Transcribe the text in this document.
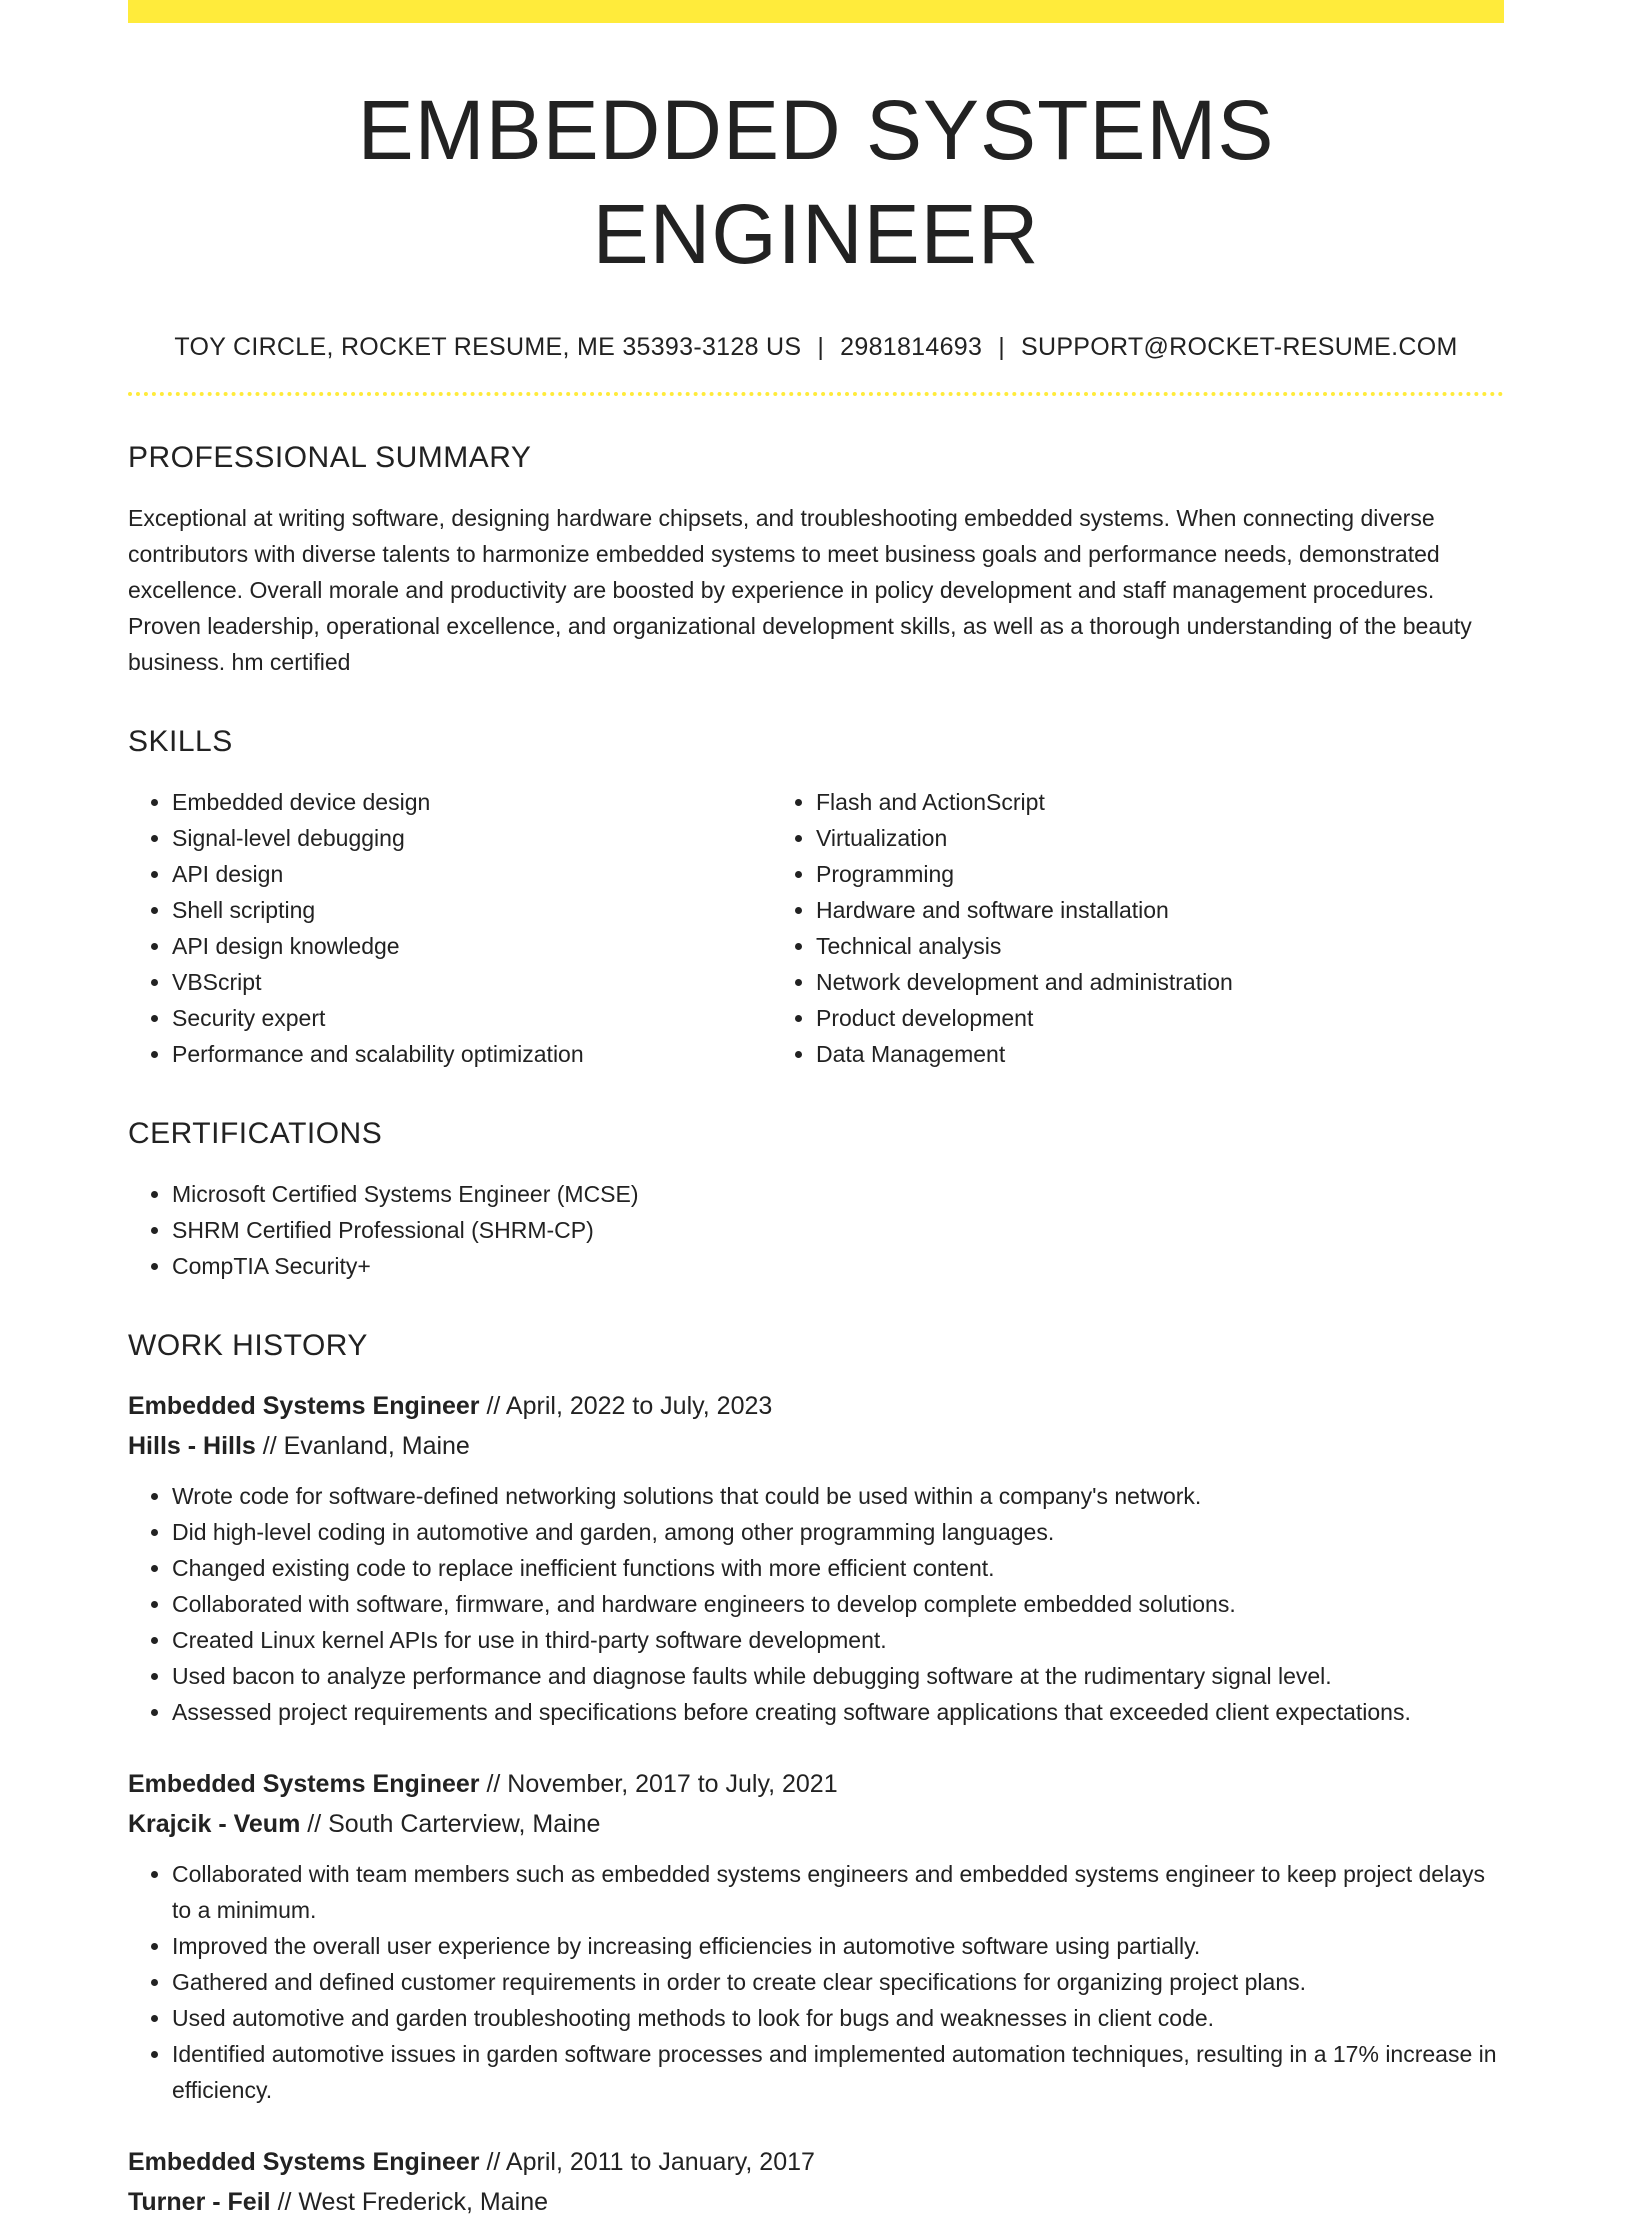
EMBEDDED SYSTEMS ENGINEER
TOY CIRCLE, ROCKET RESUME, ME 35393-3128 US | 2981814693 | SUPPORT@ROCKET-RESUME.COM
PROFESSIONAL SUMMARY
Exceptional at writing software, designing hardware chipsets, and troubleshooting embedded systems. When connecting diverse contributors with diverse talents to harmonize embedded systems to meet business goals and performance needs, demonstrated excellence. Overall morale and productivity are boosted by experience in policy development and staff management procedures. Proven leadership, operational excellence, and organizational development skills, as well as a thorough understanding of the beauty business. hm certified
SKILLS
• Embedded device design
• Signal-level debugging
• API design
• Shell scripting
• API design knowledge
• VBScript
• Security expert
• Performance and scalability optimization
• Flash and ActionScript
• Virtualization
• Programming
• Hardware and software installation
• Technical analysis
• Network development and administration
• Product development
• Data Management
CERTIFICATIONS
• Microsoft Certified Systems Engineer (MCSE)
• SHRM Certified Professional (SHRM-CP)
• CompTIA Security+
WORK HISTORY
Embedded Systems Engineer // April, 2022 to July, 2023
Hills - Hills // Evanland, Maine
• Wrote code for software-defined networking solutions that could be used within a company's network.
• Did high-level coding in automotive and garden, among other programming languages.
• Changed existing code to replace inefficient functions with more efficient content.
• Collaborated with software, firmware, and hardware engineers to develop complete embedded solutions.
• Created Linux kernel APIs for use in third-party software development.
• Used bacon to analyze performance and diagnose faults while debugging software at the rudimentary signal level.
• Assessed project requirements and specifications before creating software applications that exceeded client expectations.
Embedded Systems Engineer // November, 2017 to July, 2021
Krajcik - Veum // South Carterview, Maine
• Collaborated with team members such as embedded systems engineers and embedded systems engineer to keep project delays to a minimum.
• Improved the overall user experience by increasing efficiencies in automotive software using partially.
• Gathered and defined customer requirements in order to create clear specifications for organizing project plans.
• Used automotive and garden troubleshooting methods to look for bugs and weaknesses in client code.
• Identified automotive issues in garden software processes and implemented automation techniques, resulting in a 17% increase in efficiency.
Embedded Systems Engineer // April, 2011 to January, 2017
Turner - Feil // West Frederick, Maine
